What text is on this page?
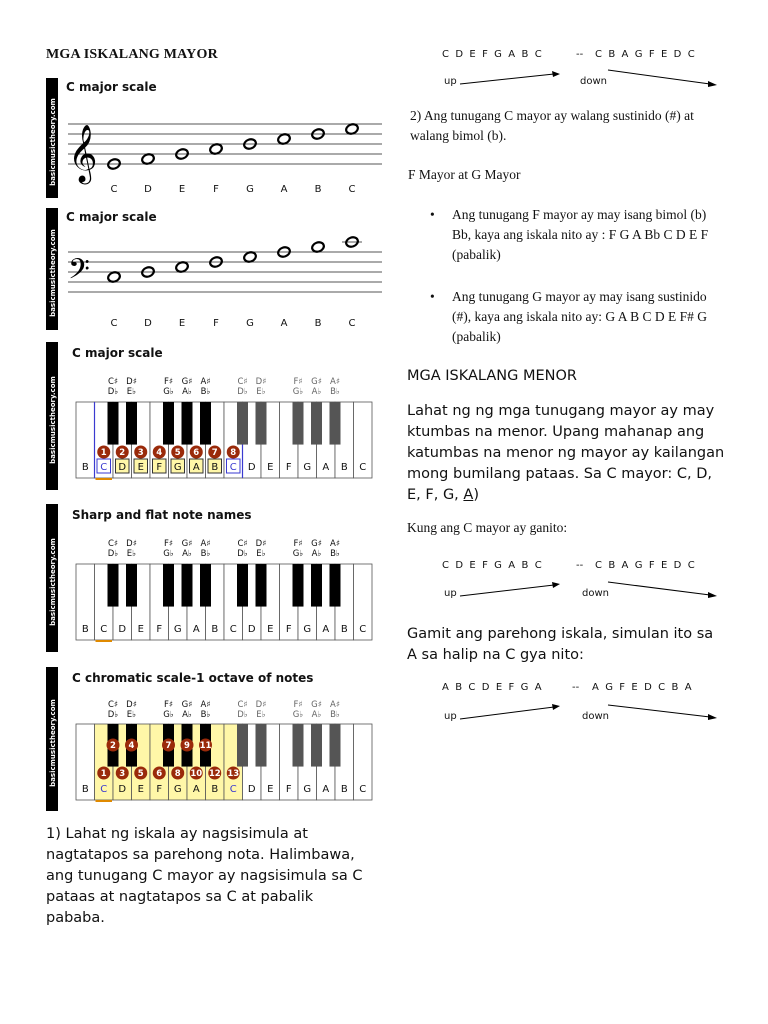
MGA ISKALANG MAYOR
basicmusictheory.com
C major scale
𝄞
C	D	E	F	G	A	B	C
basicmusictheory.com
C major scale
𝄢
C	D	E	F	G	A	B	C
basicmusictheory.com
C major scale
B C D E F G A B C D E F G A B C
C♯
D♭
D♯
E♭
F♯
G♭
G♯
A♭
A♯
B♭
C♯
D♭
D♯
E♭
F♯
G♭
G♯
A♭
A♯
B♭
1 2 3 4 5 6 7 8
basicmusictheory.com
Sharp and flat note names
B C D E F G A B C D E F G A B C
C♯
D♭
D♯
E♭
F♯
G♭
G♯
A♭
A♯
B♭
C♯
D♭
D♯
E♭
F♯
G♭
G♯
A♭
A♯
B♭
basicmusictheory.com
C chromatic scale-1 octave of notes
B C D E F G A B C D E F G A B C
C♯
D♭
D♯
E♭
F♯
G♭
G♯
A♭
A♯
B♭
C♯
D♭
D♯
E♭
F♯
G♭
G♯
A♭
A♯
B♭
1 3 5 6 8 10 12 13
2 4	7 9 11
1) Lahat ng iskala ay nagsisimula at nagtatapos sa parehong nota. Halimbawa, ang tunugang C mayor ay nagsisimula sa C pataas at nagtatapos sa C at pabalik pababa.
C  D  E  F  G  A  B  C	-- C  B  A  G  F  E  D  C
up	down
2) Ang tunugang C mayor ay walang sustinido (#) at walang bimol (b).
F Mayor at G Mayor
• Ang tunugang F mayor ay may isang bimol (b) Bb, kaya ang iskala nito ay : F G A Bb C D E F (pabalik)
• Ang tunugang G mayor ay may isang sustinido (#), kaya ang iskala nito ay: G A B C D E F# G (pabalik)
MGA ISKALANG MENOR
Lahat ng ng mga tunugang mayor ay may ktumbas na menor. Upang mahanap ang katumbas na menor ng mayor ay kailangan mong bumilang pataas. Sa C mayor: C, D, E, F, G, A)
Kung ang C mayor ay ganito:
C  D  E  F  G  A  B  C	-- C  B  A  G  F  E  D  C
up	down
Gamit ang parehong iskala, simulan ito sa A sa halip na C gya nito:
A  B  C  D  E  F  G  A	-- A  G  F  E  D  C  B  A
up	down
